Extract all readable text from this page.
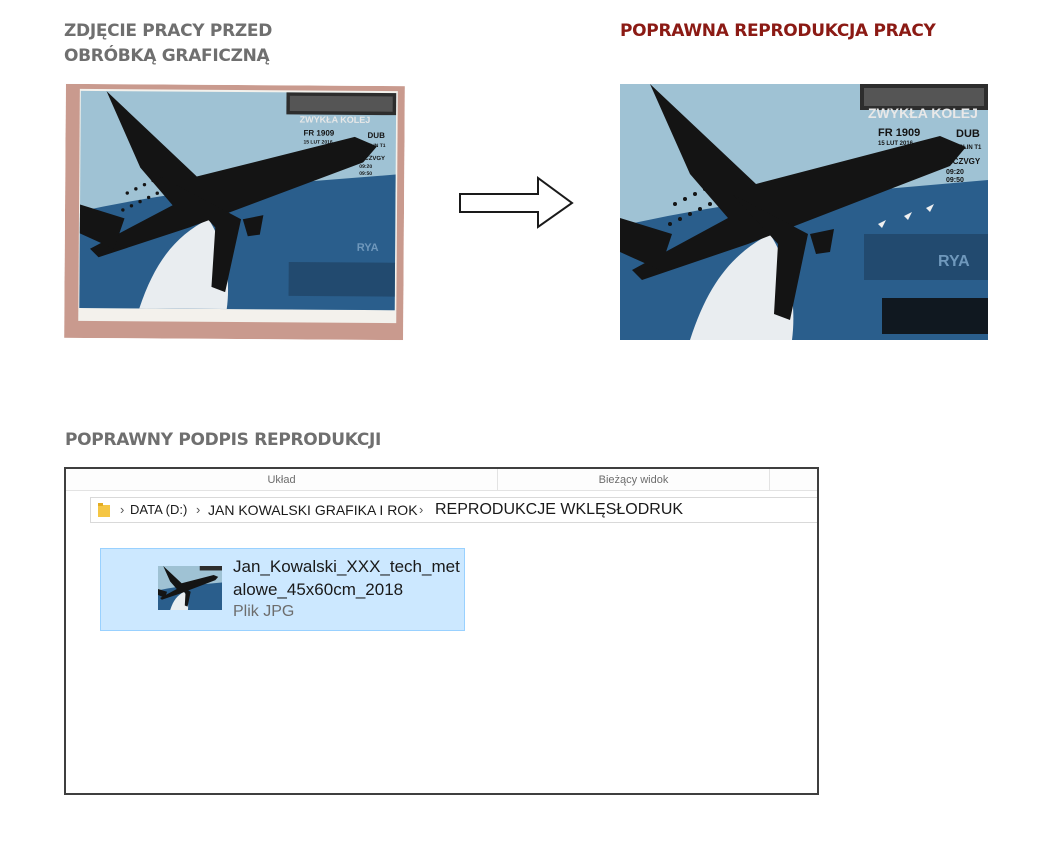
ZDJĘCIE PRACY PRZED
OBRÓBKĄ GRAFICZNĄ
POPRAWNA REPRODUKCJA PRACY
POPRAWNY PODPIS REPRODUKCJI
ZWYKŁA KOLEJ
FR 1909	DUB
15 LUT 2016
DUBLIN T1
MCZVGY
09:20
09:50
RYA
ZWYKŁA KOLEJ
FR 1909	DUB
15 LUT 2016
DUBLIN T1
MCZVGY
09:20
09:50
RYA
Układ	Bieżący widok
› DATA (D:) › JAN KOWALSKI GRAFIKA I ROK › REPRODUKCJE WKLĘSŁODRUK
Jan_Kowalski_XXX_tech_metalowe_45x60cm_2018
Plik JPG
